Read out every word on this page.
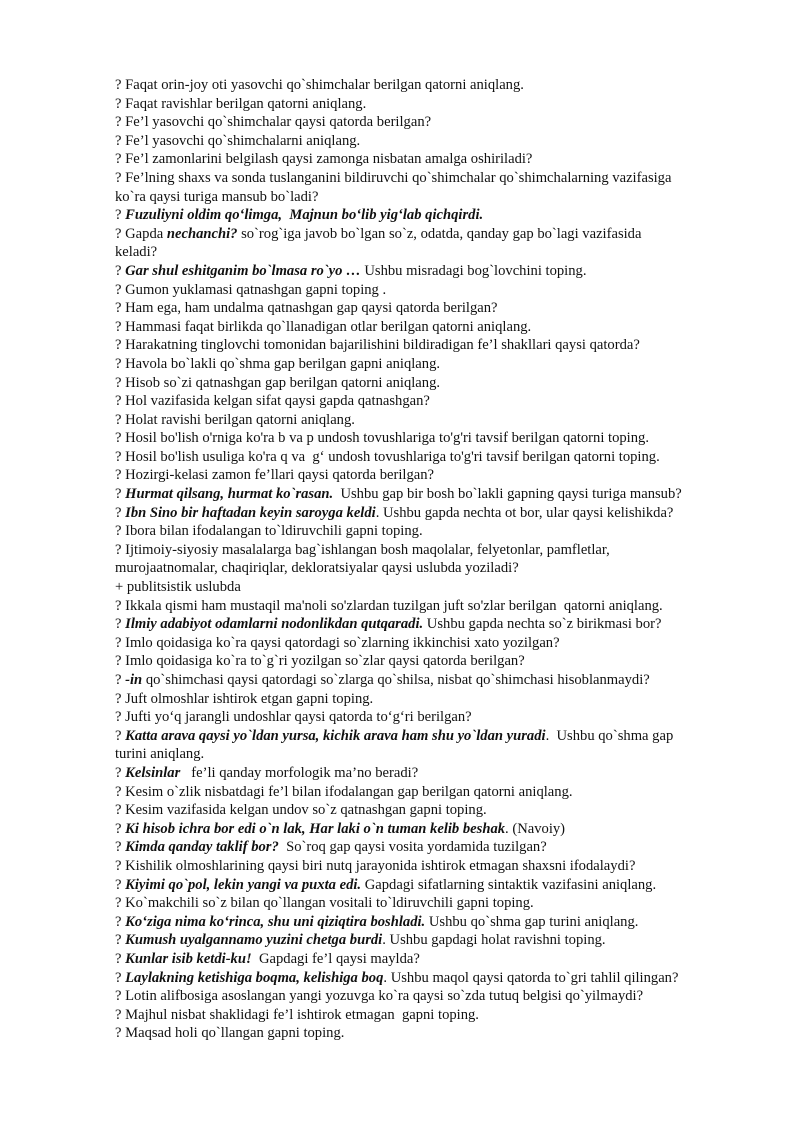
? Faqat orin-joy oti yasovchi qo`shimchalar berilgan qatorni aniqlang.
? Faqat ravishlar berilgan qatorni aniqlang.
? Fe’l yasovchi qo`shimchalar qaysi qatorda berilgan?
? Fe’l yasovchi qo`shimchalarni aniqlang.
? Fe’l zamonlarini belgilash qaysi zamonga nisbatan amalga oshiriladi?
? Fe’lning shaxs va sonda tuslanganini bildiruvchi qo`shimchalar qo`shimchalarning vazifasiga
ko`ra qaysi turiga mansub bo`ladi?
? Fuzuliyni oldim qo‘limga,  Majnun bo‘lib yig‘lab qichqirdi.
? Gapda nechanchi? so`rog`iga javob bo`lgan so`z, odatda, qanday gap bo`lagi vazifasida
keladi?
? Gar shul eshitganim bo`lmasa ro`yo … Ushbu misradagi bog`lovchini toping.
? Gumon yuklamasi qatnashgan gapni toping .
? Ham ega, ham undalma qatnashgan gap qaysi qatorda berilgan?
? Hammasi faqat birlikda qo`llanadigan otlar berilgan qatorni aniqlang.
? Harakatning tinglovchi tomonidan bajarilishini bildiradigan fe’l shakllari qaysi qatorda?
? Havola bo`lakli qo`shma gap berilgan gapni aniqlang.
? Hisob so`zi qatnashgan gap berilgan qatorni aniqlang.
? Hol vazifasida kelgan sifat qaysi gapda qatnashgan?
? Holat ravishi berilgan qatorni aniqlang.
? Hosil bo'lish o'rniga ko'ra b va p undosh tovushlariga to'g'ri tavsif berilgan qatorni toping.
? Hosil bo'lish usuliga ko'ra q va  g‘ undosh tovushlariga to'g'ri tavsif berilgan qatorni toping.
? Hozirgi-kelasi zamon fe’llari qaysi qatorda berilgan?
? Hurmat qilsang, hurmat ko`rasan.  Ushbu gap bir bosh bo`lakli gapning qaysi turiga mansub?
? Ibn Sino bir haftadan keyin saroyga keldi. Ushbu gapda nechta ot bor, ular qaysi kelishikda?
? Ibora bilan ifodalangan to`ldiruvchili gapni toping.
? Ijtimoiy-siyosiy masalalarga bag`ishlangan bosh maqolalar, felyetonlar, pamfletlar,
murojaatnomalar, chaqiriqlar, dekloratsiyalar qaysi uslubda yoziladi?
+ publitsistik uslubda
? Ikkala qismi ham mustaqil ma'noli so'zlardan tuzilgan juft so'zlar berilgan  qatorni aniqlang.
? Ilmiy adabiyot odamlarni nodonlikdan qutqaradi. Ushbu gapda nechta so`z birikmasi bor?
? Imlo qoidasiga ko`ra qaysi qatordagi so`zlarning ikkinchisi xato yozilgan?
? Imlo qoidasiga ko`ra to`g`ri yozilgan so`zlar qaysi qatorda berilgan?
? -in qo`shimchasi qaysi qatordagi so`zlarga qo`shilsa, nisbat qo`shimchasi hisoblanmaydi?
? Juft olmoshlar ishtirok etgan gapni toping.
? Jufti yo‘q jarangli undoshlar qaysi qatorda to‘g‘ri berilgan?
? Katta arava qaysi yo`ldan yursa, kichik arava ham shu yo`ldan yuradi.  Ushbu qo`shma gap
turini aniqlang.
? Kelsinlar   fe’li qanday morfologik ma’no beradi?
? Kesim o`zlik nisbatdagi fe’l bilan ifodalangan gap berilgan qatorni aniqlang.
? Kesim vazifasida kelgan undov so`z qatnashgan gapni toping.
? Ki hisob ichra bor edi o`n lak, Har laki o`n tuman kelib beshak. (Navoiy)
? Kimda qanday taklif bor?  So`roq gap qaysi vosita yordamida tuzilgan?
? Kishilik olmoshlarining qaysi biri nutq jarayonida ishtirok etmagan shaxsni ifodalaydi?
? Kiyimi qo`pol, lekin yangi va puxta edi. Gapdagi sifatlarning sintaktik vazifasini aniqlang.
? Ko`makchili so`z bilan qo`llangan vositali to`ldiruvchili gapni toping.
? Ko‘ziga nima ko‘rinca, shu uni qiziqtira boshladi. Ushbu qo`shma gap turini aniqlang.
? Kumush uyalgannamo yuzini chetga burdi. Ushbu gapdagi holat ravishni toping.
? Kunlar isib ketdi-ku!  Gapdagi fe’l qaysi maylda?
? Laylakning ketishiga boqma, kelishiga boq. Ushbu maqol qaysi qatorda to`gri tahlil qilingan?
? Lotin alifbosiga asoslangan yangi yozuvga ko`ra qaysi so`zda tutuq belgisi qo`yilmaydi?
? Majhul nisbat shaklidagi fe’l ishtirok etmagan  gapni toping.
? Maqsad holi qo`llangan gapni toping.
